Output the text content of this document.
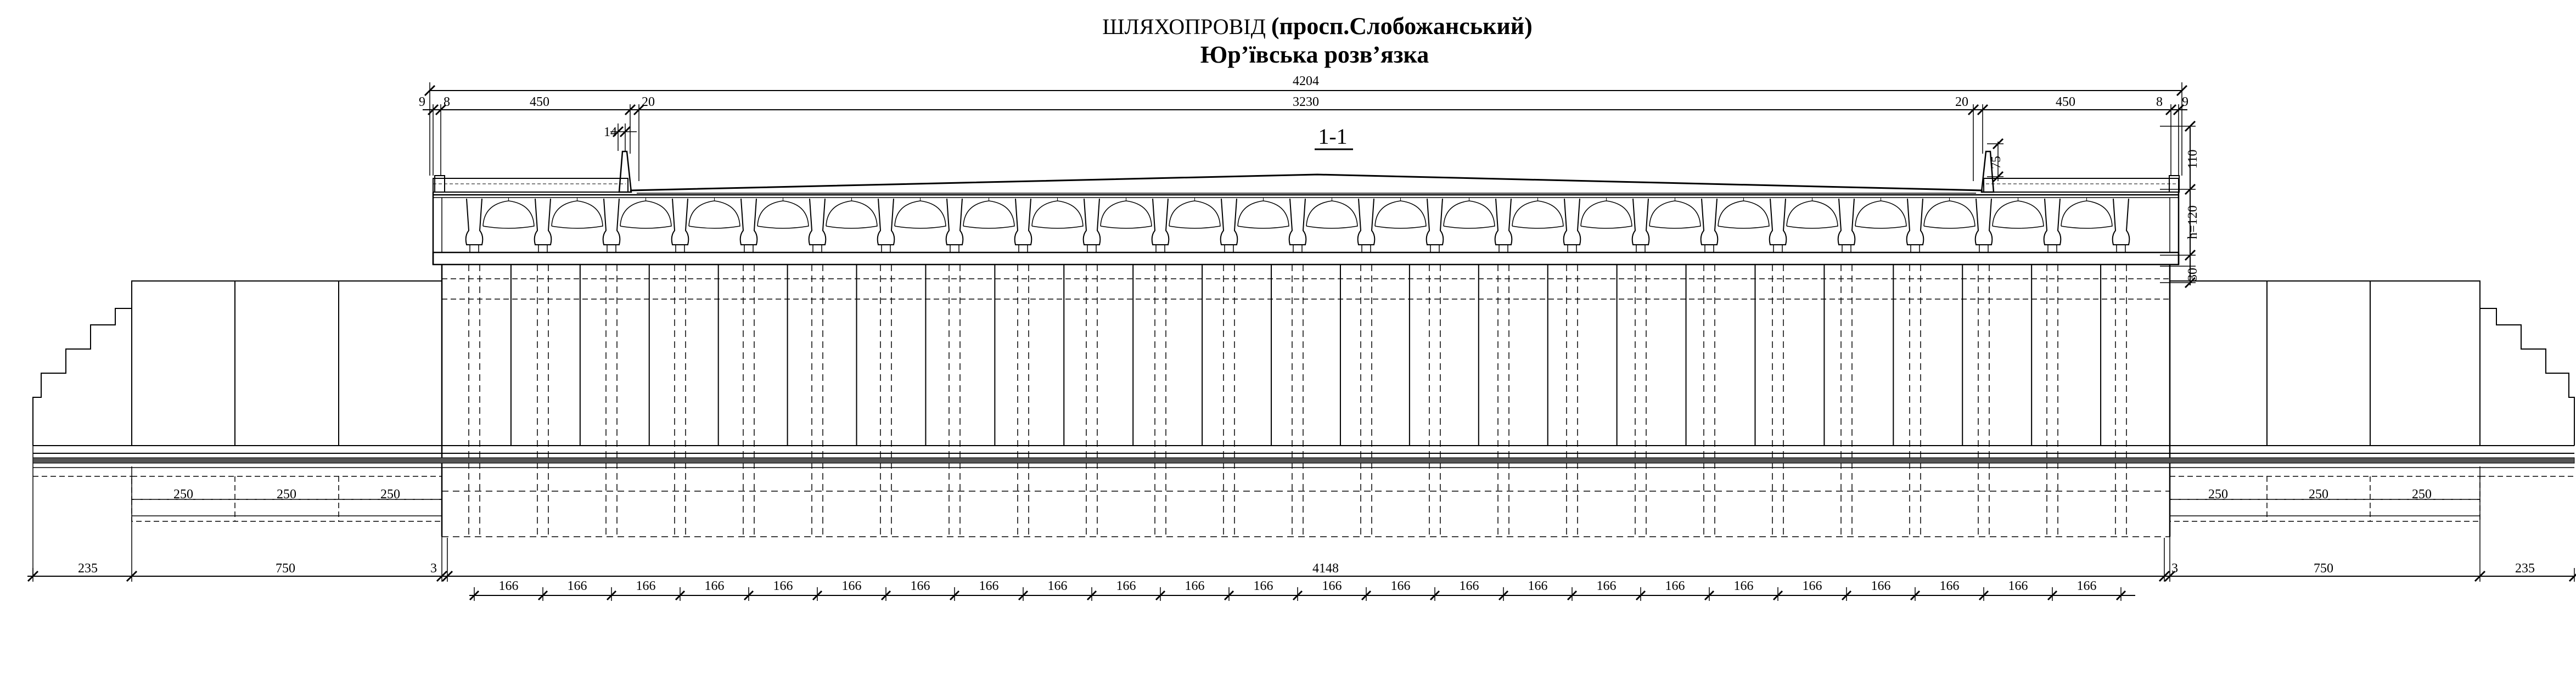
ШЛЯХОПРОВІД (просп.Слобожанський)
Юр’ївська розв’язка
4204
9 8	450	20	3230	20	450	8 9
14	1-1
110
h=120
30
75
250	250	250	250	250	250
235	750	3	4148	3	750	235
166	166	166	166	166	166	166	166	166	166	166	166	166	166	166	166	166	166	166	166	166	166	166	166
